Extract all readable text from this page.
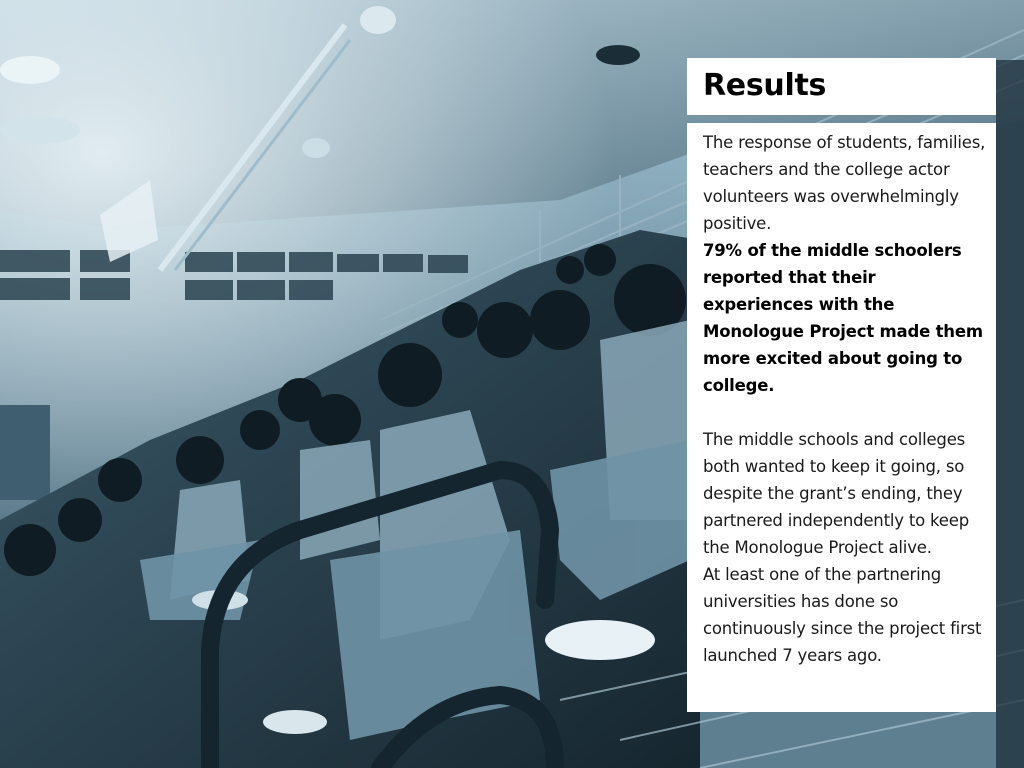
Results

The response of students, families, teachers and the college actor volunteers was overwhelmingly positive.

79% of the middle schoolers reported that their experiences with the Monologue Project made them more excited about going to college.

The middle schools and colleges both wanted to keep it going, so despite the grant’s ending, they partnered independently to keep the Monologue Project alive.

At least one of the partnering universities has done so continuously since the project first launched 7 years ago.
